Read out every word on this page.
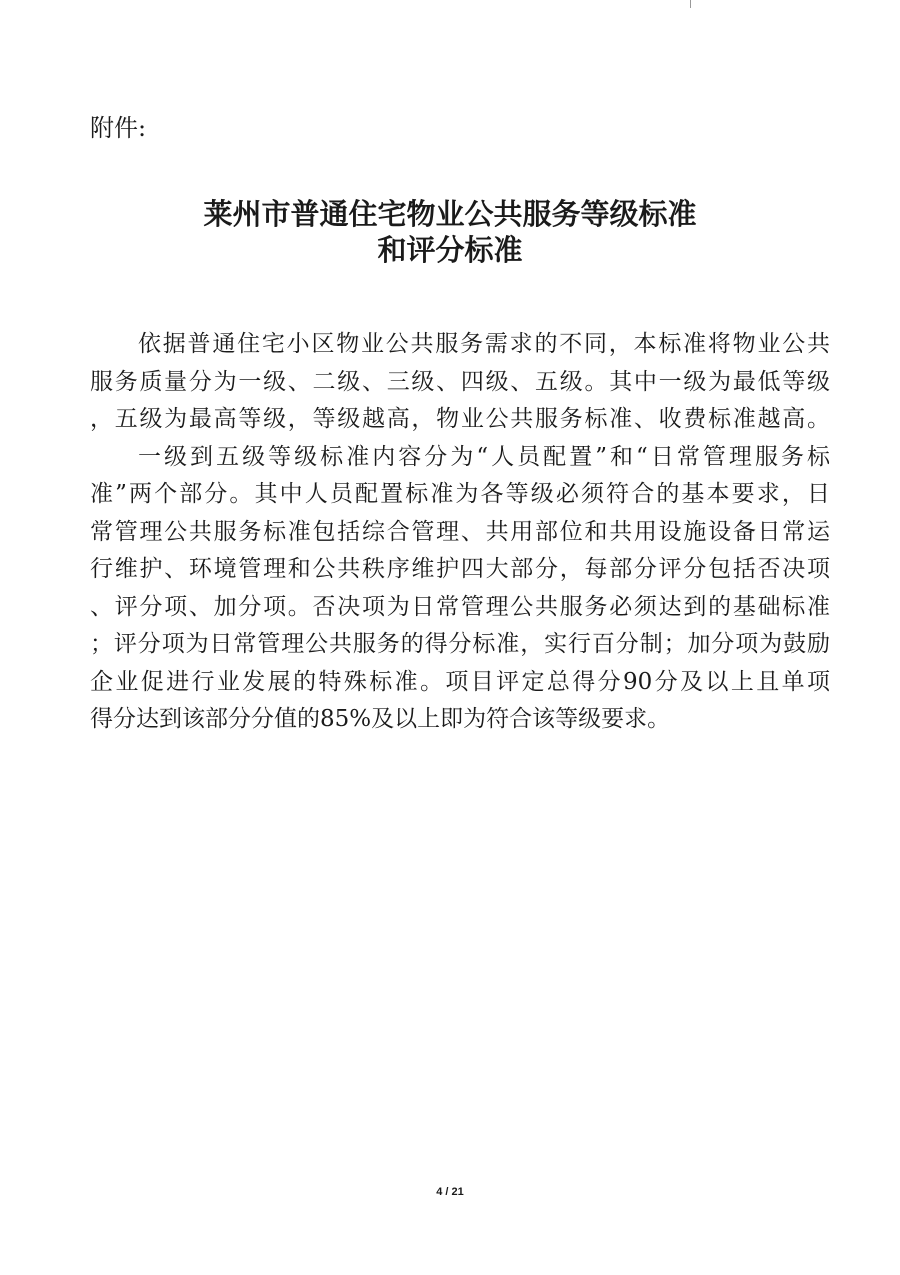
附件:
莱州市普通住宅物业公共服务等级标准
和评分标准
依据普通住宅小区物业公共服务需求的不同，本标准将物业公共
服务质量分为一级、二级、三级、四级、五级。其中一级为最低等级
，五级为最高等级，等级越高，物业公共服务标准、收费标准越高。
一级到五级等级标准内容分为“人员配置”和“日常管理服务标
准”两个部分。其中人员配置标准为各等级必须符合的基本要求，日
常管理公共服务标准包括综合管理、共用部位和共用设施设备日常运
行维护、环境管理和公共秩序维护四大部分，每部分评分包括否决项
、评分项、加分项。否决项为日常管理公共服务必须达到的基础标准
；评分项为日常管理公共服务的得分标准，实行百分制；加分项为鼓励
企业促进行业发展的特殊标准。项目评定总得分90分及以上且单项
得分达到该部分分值的85%及以上即为符合该等级要求。
4 / 21
